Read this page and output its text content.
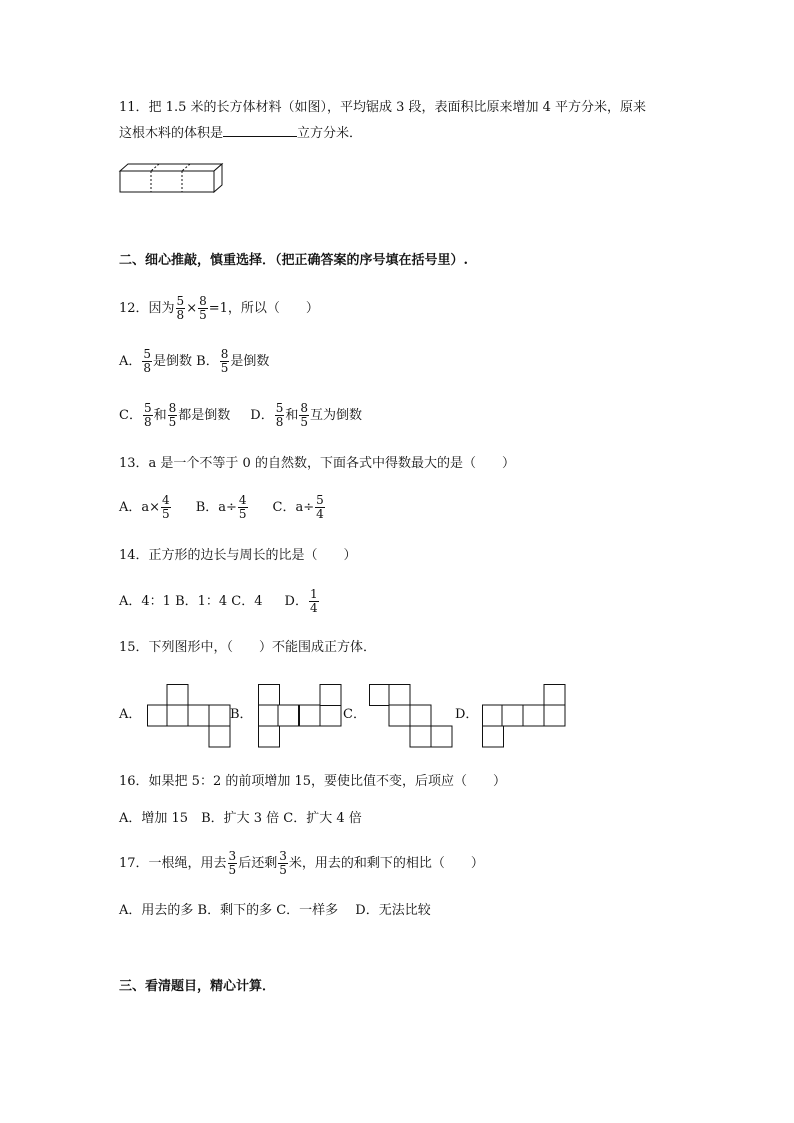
11．把 1.5 米的长方体材料（如图），平均锯成 3 段，表面积比原来增加 4 平方分米，原来
这根木料的体积是	立方分米．
二、细心推敲，慎重选择．（把正确答案的序号填在括号里）.
12．因为 $\frac{5}{8} \times \frac{8}{5} =1$，所以（　　）
A． $\frac{5}{8}$ 是倒数 B． $\frac{8}{5}$ 是倒数
C． $\frac{5}{8}$ 和 $\frac{8}{5}$ 都是倒数 D． $\frac{5}{8}$ 和 $\frac{8}{5}$ 互为倒数
13．a 是一个不等于 0 的自然数，下面各式中得数最大的是（　　）
A．$a\times \frac{4}{5}$ B．$a\div \frac{4}{5}$ C．$a\div \frac{5}{4}$
14．正方形的边长与周长的比是（　　）
A．4：1 B．1：4 C．4 D． $\frac{1}{4}$
15．下列图形中，（　　）不能围成正方体．
A．	B．	C．	D．
16．如果把 5：2 的前项增加 15，要使比值不变，后项应（　　）
A．增加 15　B．扩大 3 倍 C．扩大 4 倍
17．一根绳，用去 $\frac{3}{5}$ 后还剩 $\frac{3}{5}$ 米，用去的和剩下的相比（　　）
A．用去的多 B．剩下的多 C．一样多　 D．无法比较
三、看清题目，精心计算．
